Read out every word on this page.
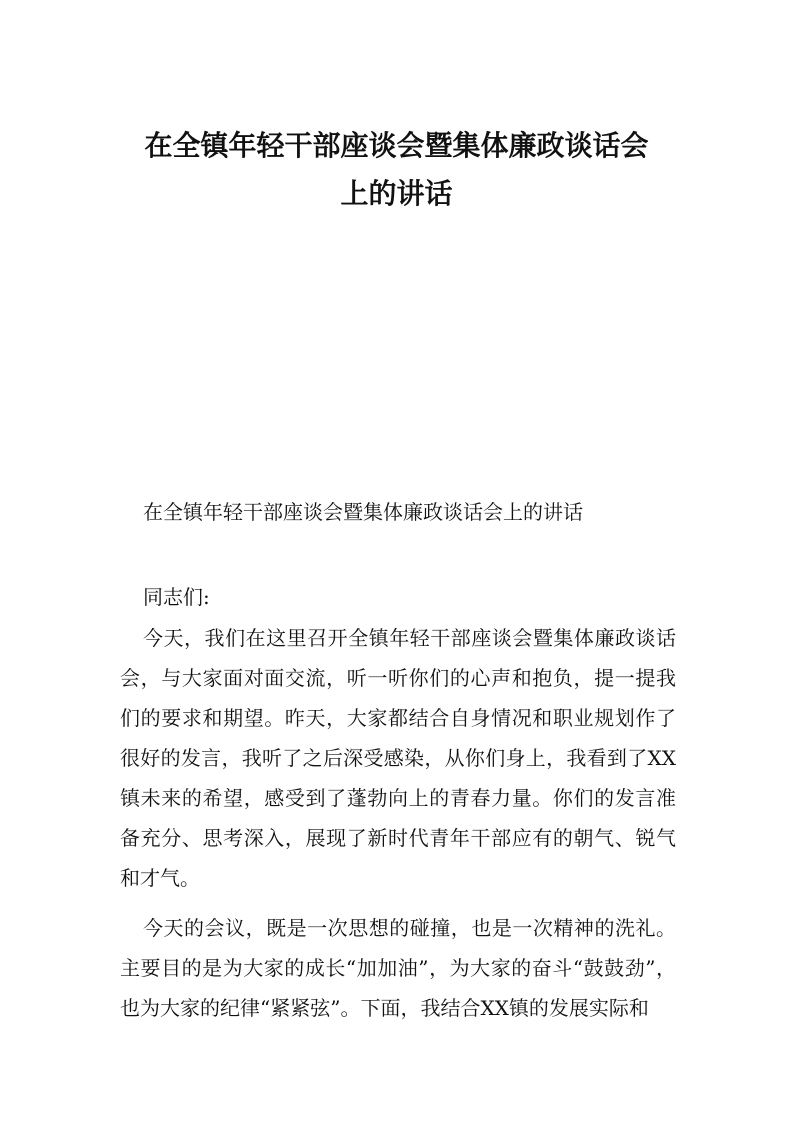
在全镇年轻干部座谈会暨集体廉政谈话会
上的讲话
在全镇年轻干部座谈会暨集体廉政谈话会上的讲话
同志们:

今天，我们在这里召开全镇年轻干部座谈会暨集体廉政谈话会，与大家面对面交流，听一听你们的心声和抱负，提一提我们的要求和期望。昨天，大家都结合自身情况和职业规划作了很好的发言，我听了之后深受感染，从你们身上，我看到了XX镇未来的希望，感受到了蓬勃向上的青春力量。你们的发言准备充分、思考深入，展现了新时代青年干部应有的朝气、锐气和才气。

今天的会议，既是一次思想的碰撞，也是一次精神的洗礼。主要目的是为大家的成长“加加油”，为大家的奋斗“鼓鼓劲”，也为大家的纪律“紧紧弦”。下面，我结合XX镇的发展实际和
